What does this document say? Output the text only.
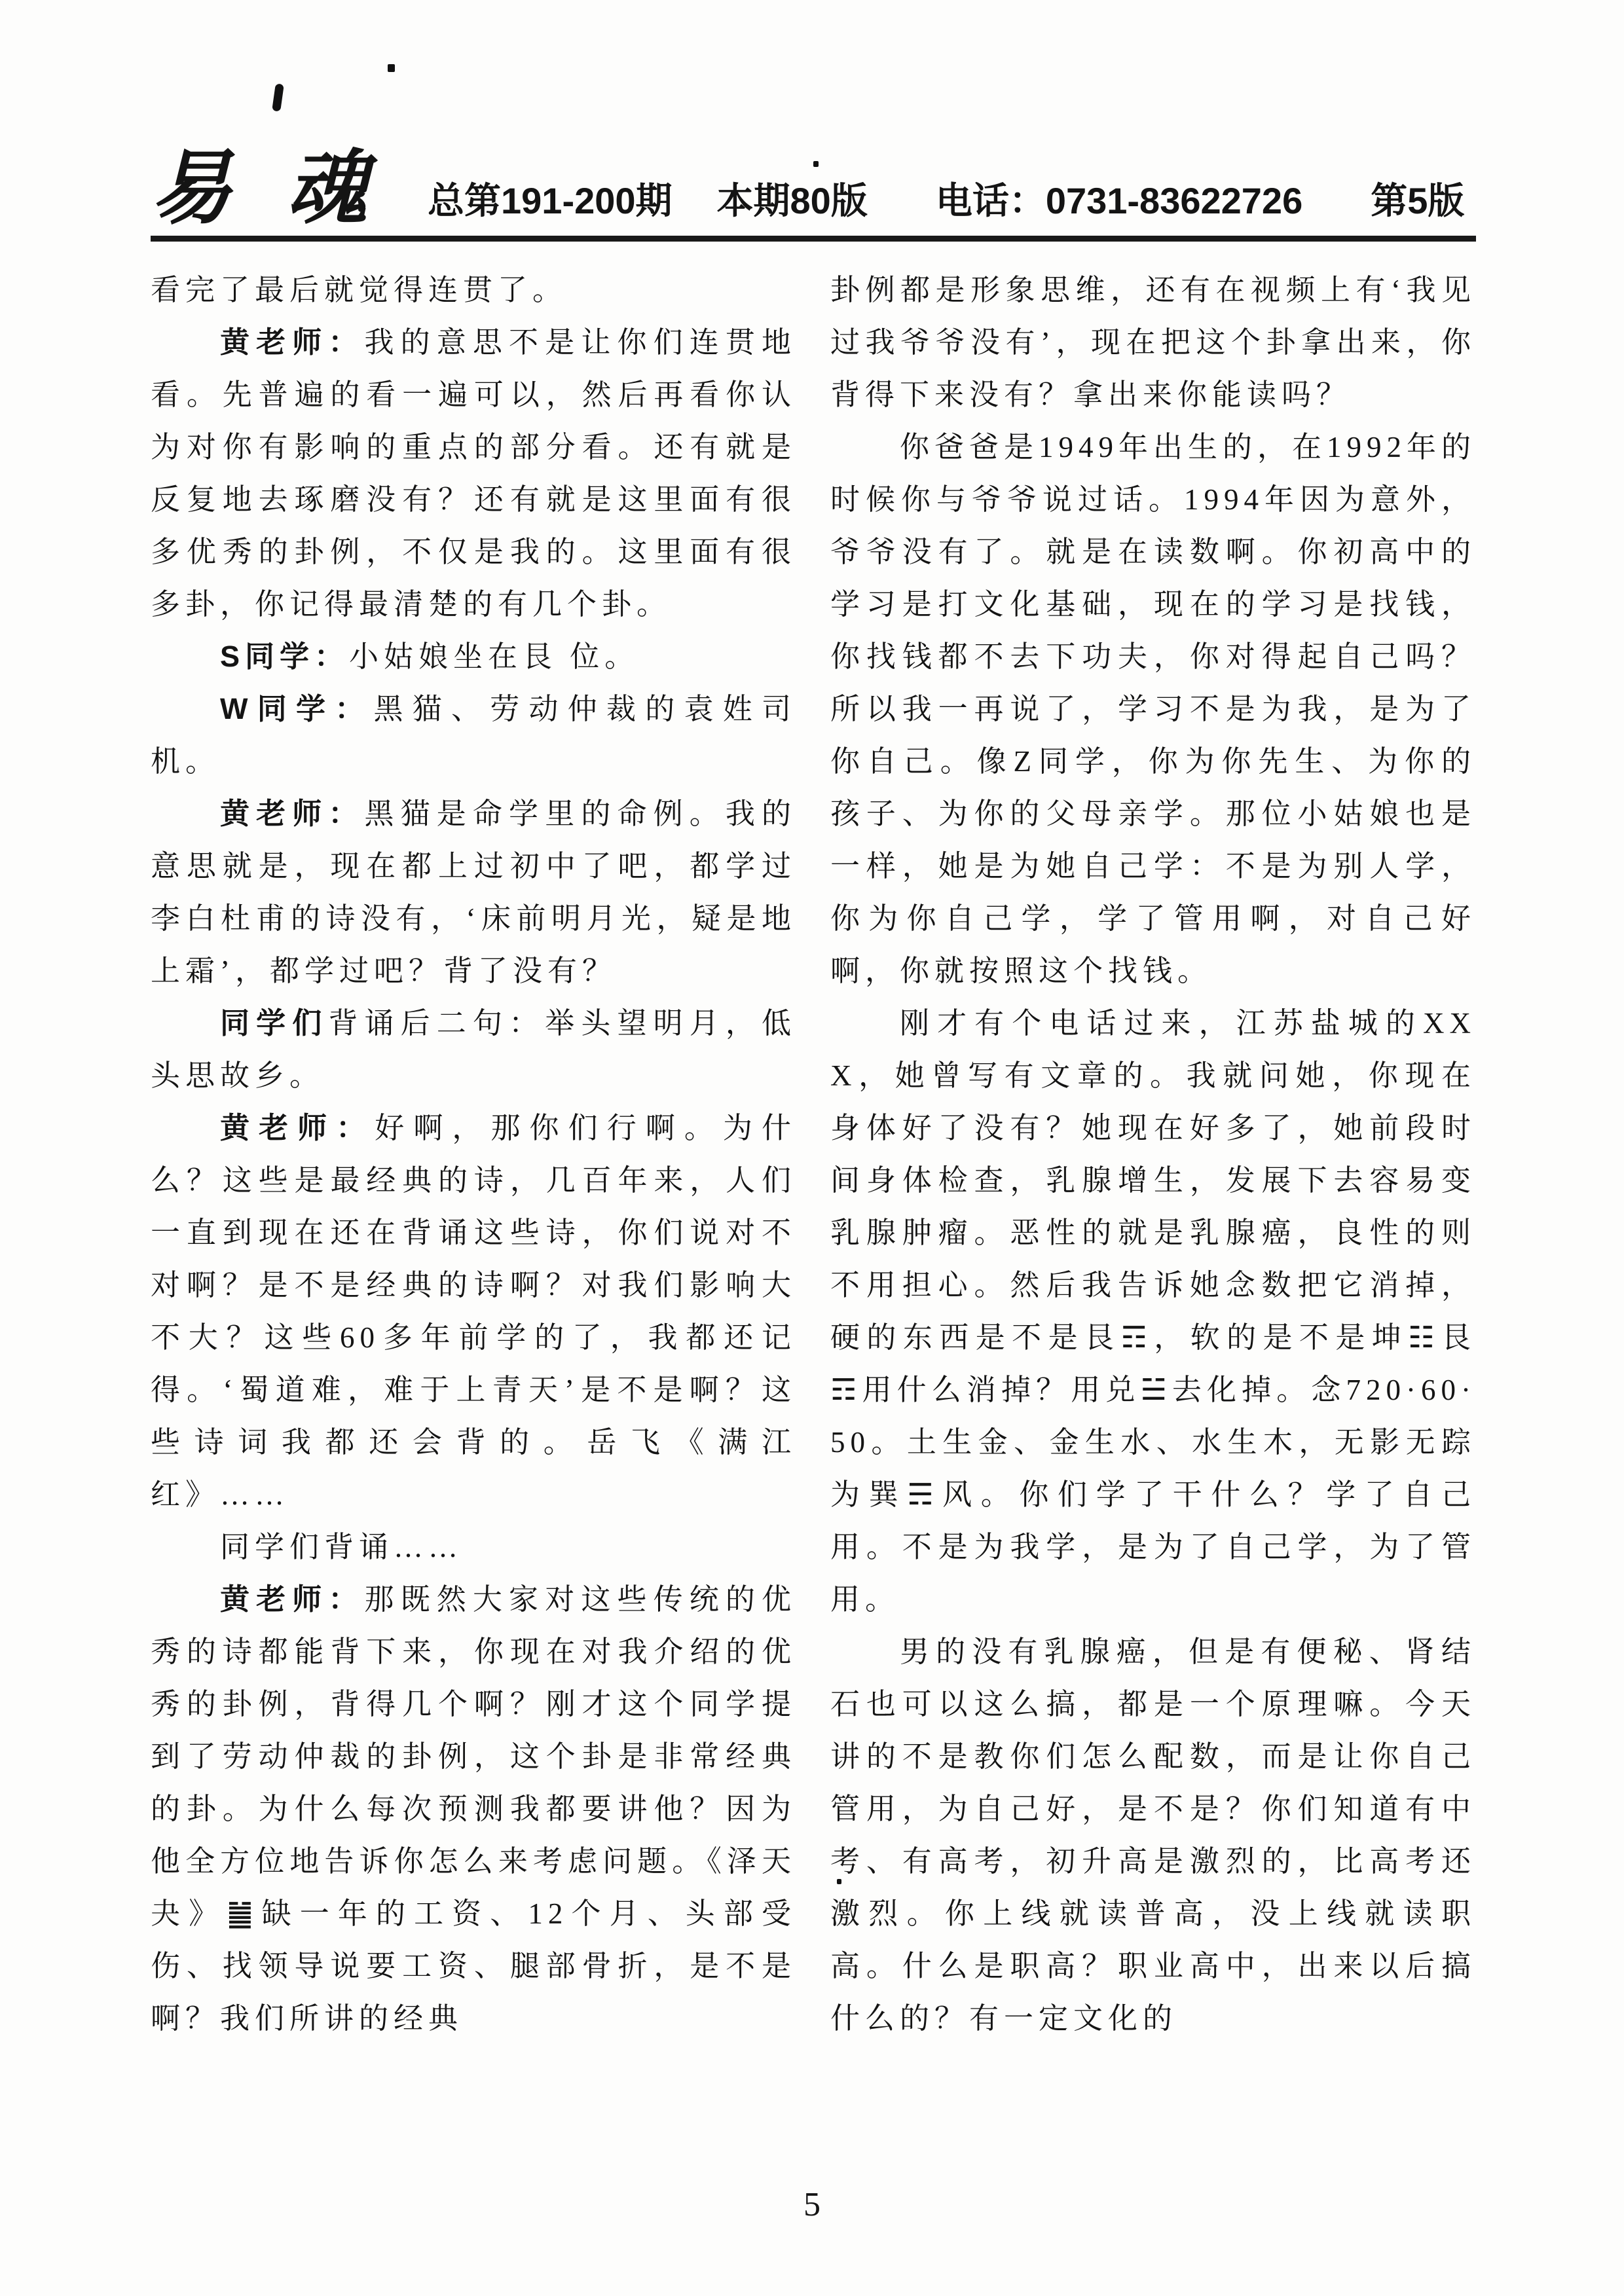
易 魂 总第191-200期 本期80版 电话：0731-83622726 第5版

看完了最后就觉得连贯了。

黄老师：我的意思不是让你们连贯地看。先普遍的看一遍可以，然后再看你认为对你有影响的重点的部分看。还有就是反复地去琢磨没有？还有就是这里面有很多优秀的卦例，不仅是我的。这里面有很多卦，你记得最清楚的有几个卦。

S同学：小姑娘坐在艮 位。

W同学：黑猫、劳动仲裁的袁姓司机。

黄老师：黑猫是命学里的命例。我的意思就是，现在都上过初中了吧，都学过李白杜甫的诗没有，‘床前明月光，疑是地上霜’，都学过吧？背了没有？

同学们背诵后二句：举头望明月，低头思故乡。

黄老师：好啊，那你们行啊。为什么？这些是最经典的诗，几百年来，人们一直到现在还在背诵这些诗，你们说对不对啊？是不是经典的诗啊？对我们影响大不大？这些60多年前学的了，我都还记得。‘蜀道难，难于上青天’是不是啊？这些诗词我都还会背的。岳飞《满江红》……

同学们背诵……

黄老师：那既然大家对这些传统的优秀的诗都能背下来，你现在对我介绍的优秀的卦例，背得几个啊？刚才这个同学提到了劳动仲裁的卦例，这个卦是非常经典的卦。为什么每次预测我都要讲他？因为他全方位地告诉你怎么来考虑问题。《泽天夬》䷪缺一年的工资、12个月、头部受伤、找领导说要工资、腿部骨折，是不是啊？我们所讲的经典

卦例都是形象思维，还有在视频上有‘我见过我爷爷没有’，现在把这个卦拿出来，你背得下来没有？拿出来你能读吗？

你爸爸是1949年出生的，在1992年的时候你与爷爷说过话。1994年因为意外，爷爷没有了。就是在读数啊。你初高中的学习是打文化基础，现在的学习是找钱，你找钱都不去下功夫，你对得起自己吗？ 所以我一再说了，学习不是为我，是为了你自己。像Z同学，你为你先生、为你的孩子、为你的父母亲学。那位小姑娘也是一样，她是为她自己学：不是为别人学，你为你自己学，学了管用啊，对自己好啊，你就按照这个找钱。

刚才有个电话过来，江苏盐城的XXX，她曾写有文章的。我就问她，你现在身体好了没有？她现在好多了，她前段时间身体检查，乳腺增生，发展下去容易变乳腺肿瘤。恶性的就是乳腺癌，良性的则不用担心。然后我告诉她念数把它消掉，硬的东西是不是艮☶，软的是不是坤☷艮☶用什么消掉？用兑☱去化掉。念720·60·50。土生金、金生水、水生木，无影无踪为巽☴风。你们学了干什么？学了自己用。不是为我学，是为了自己学，为了管用。

男的没有乳腺癌，但是有便秘、肾结石也可以这么搞，都是一个原理嘛。今天讲的不是教你们怎么配数，而是让你自己管用，为自己好，是不是？你们知道有中考、有高考，初升高是激烈的，比高考还激烈。你上线就读普高，没上线就读职高。什么是职高？职业高中，出来以后搞什么的？有一定文化的

5
